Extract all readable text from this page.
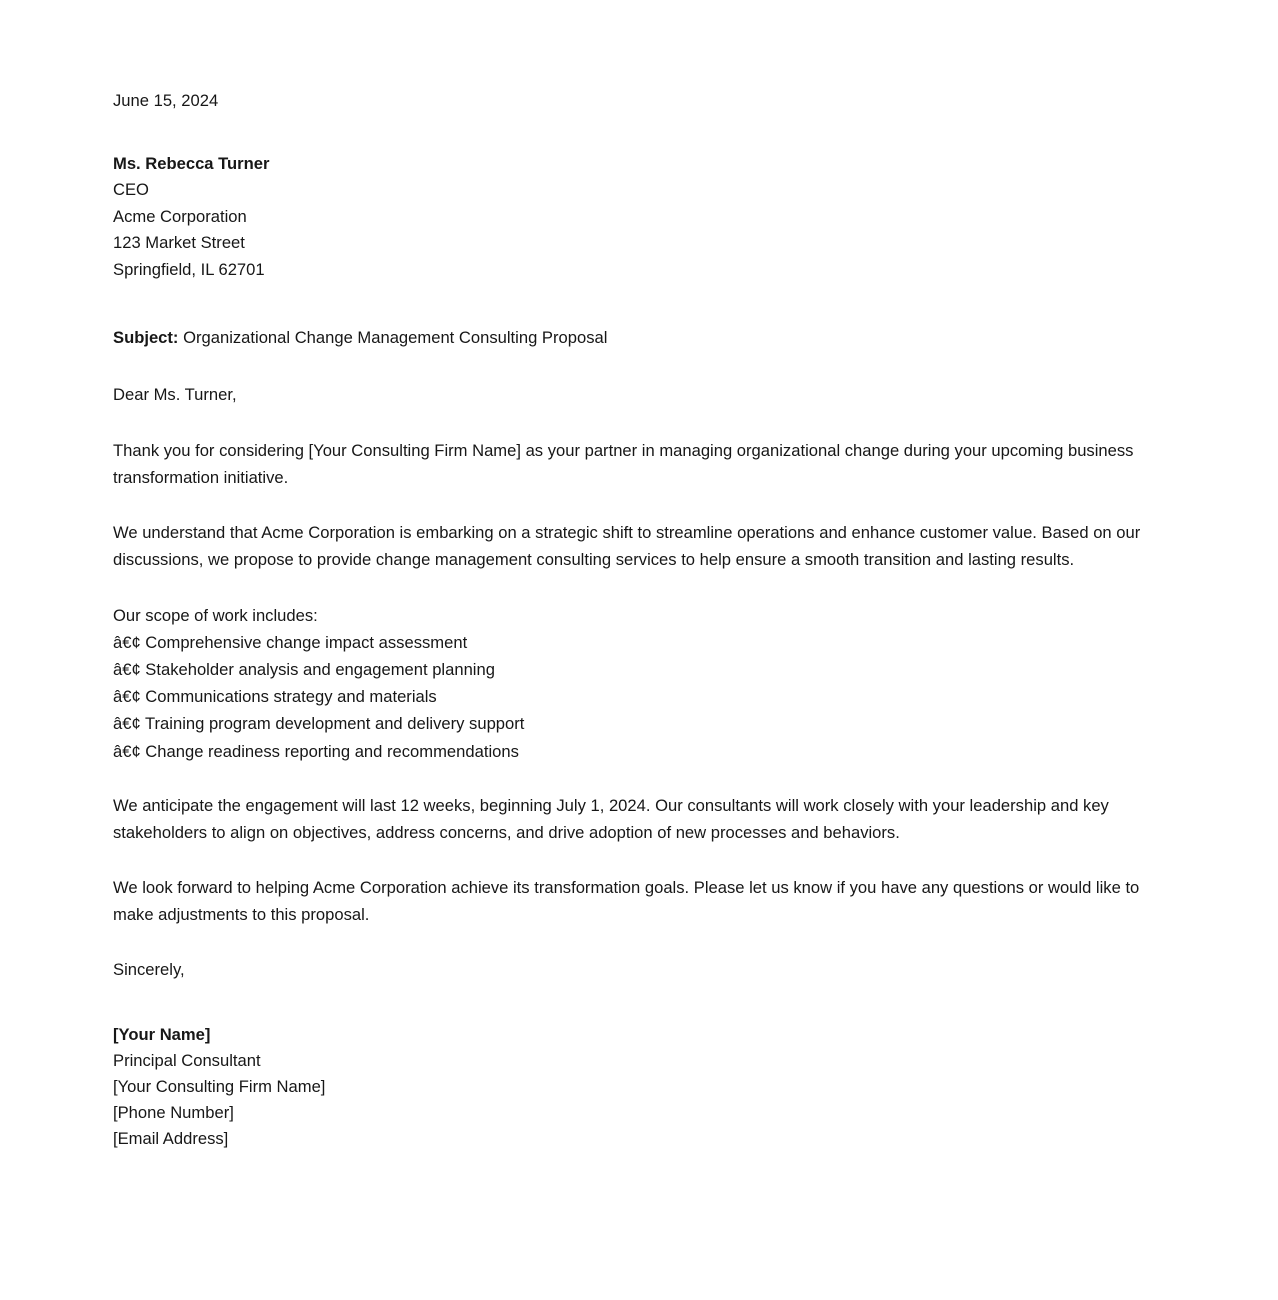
June 15, 2024
Ms. Rebecca Turner
CEO
Acme Corporation
123 Market Street
Springfield, IL 62701
Subject: Organizational Change Management Consulting Proposal
Dear Ms. Turner,

Thank you for considering [Your Consulting Firm Name] as your partner in managing organizational change during your upcoming business transformation initiative.

We understand that Acme Corporation is embarking on a strategic shift to streamline operations and enhance customer value. Based on our discussions, we propose to provide change management consulting services to help ensure a smooth transition and lasting results.

Our scope of work includes:

â€¢ Comprehensive change impact assessment
â€¢ Stakeholder analysis and engagement planning
â€¢ Communications strategy and materials
â€¢ Training program development and delivery support
â€¢ Change readiness reporting and recommendations

We anticipate the engagement will last 12 weeks, beginning July 1, 2024. Our consultants will work closely with your leadership and key stakeholders to align on objectives, address concerns, and drive adoption of new processes and behaviors.

We look forward to helping Acme Corporation achieve its transformation goals. Please let us know if you have any questions or would like to make adjustments to this proposal.

Sincerely,
[Your Name]
Principal Consultant
[Your Consulting Firm Name]
[Phone Number]
[Email Address]
